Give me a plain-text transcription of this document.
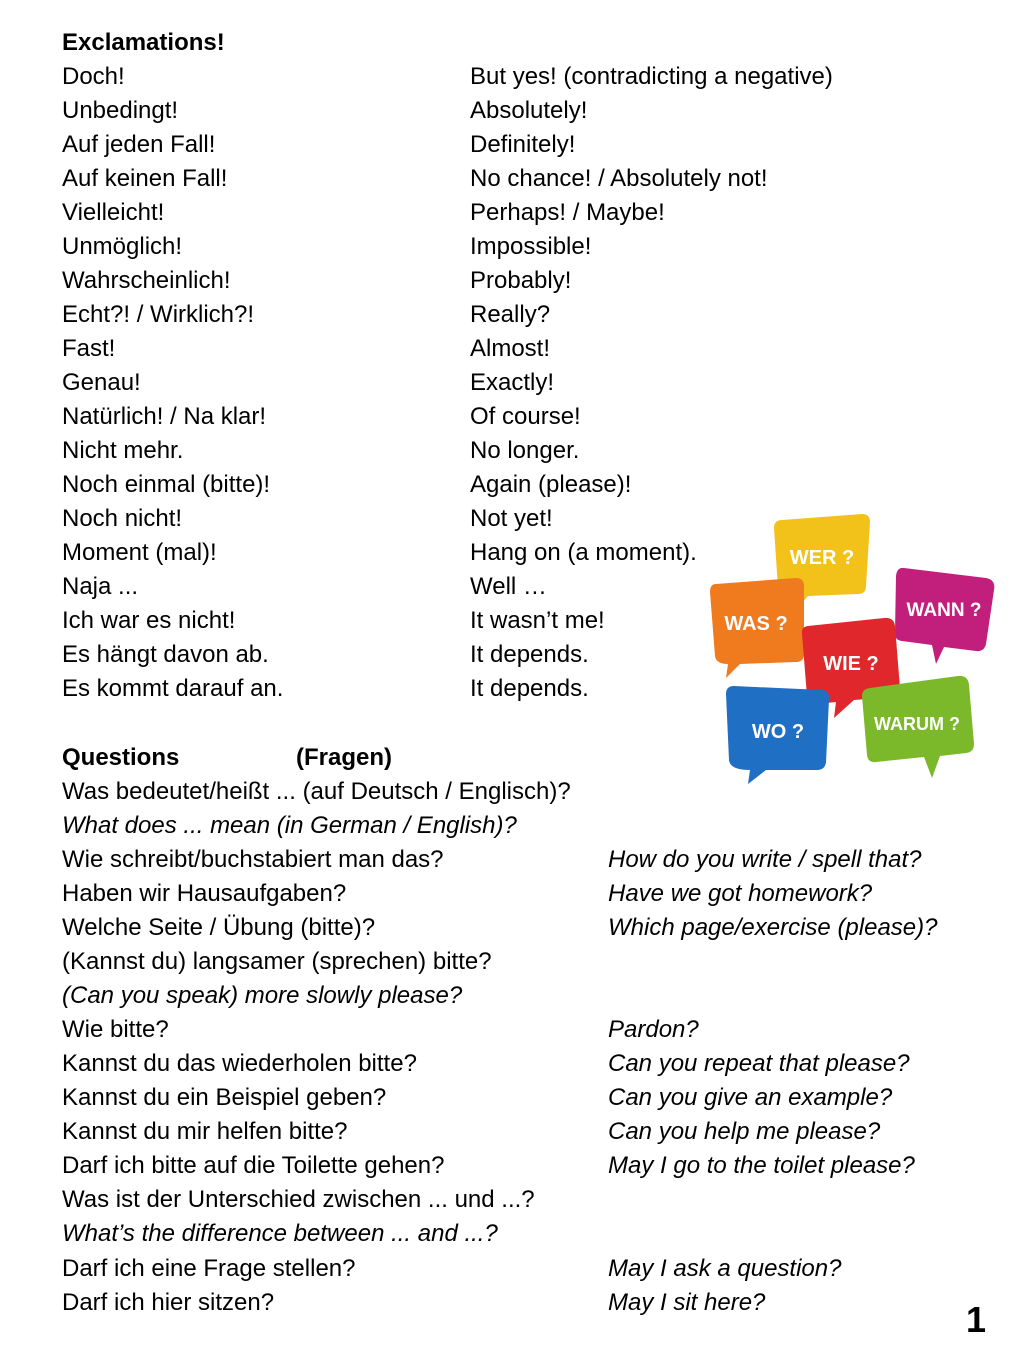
Exclamations!
Doch!	But yes! (contradicting a negative)
Unbedingt!	Absolutely!
Auf jeden Fall!	Definitely!
Auf keinen Fall!	No chance! / Absolutely not!
Vielleicht!	Perhaps! / Maybe!
Unmöglich!	Impossible!
Wahrscheinlich!	Probably!
Echt?! / Wirklich?!	Really?
Fast!	Almost!
Genau!	Exactly!
Natürlich! / Na klar!	Of course!
Nicht mehr.	No longer.
Noch einmal (bitte)!	Again (please)!
Noch nicht!	Not yet!
Moment (mal)!	Hang on (a moment).
Naja ...	Well …
Ich war es nicht!	It wasn’t me!
Es hängt davon ab.	It depends.
Es kommt darauf an.	It depends.
Questions	(Fragen)
Was bedeutet/heißt ... (auf Deutsch / Englisch)?
What does ... mean (in German / English)?
Wie schreibt/buchstabiert man das?	How do you write / spell that?
Haben wir Hausaufgaben?	Have we got homework?
Welche Seite / Übung (bitte)?	Which page/exercise (please)?
(Kannst du) langsamer (sprechen) bitte?
(Can you speak) more slowly please?
Wie bitte?	Pardon?
Kannst du das wiederholen bitte?	Can you repeat that please?
Kannst du ein Beispiel geben?	Can you give an example?
Kannst du mir helfen bitte?	Can you help me please?
Darf ich bitte auf die Toilette gehen?	May I go to the toilet please?
Was ist der Unterschied zwischen ... und ...?
What’s the difference between ... and ...?
Darf ich eine Frage stellen?	May I ask a question?
Darf ich hier sitzen?	May I sit here?
WER ?
WANN ?
WAS ?
WIE ?
WO ?	WARUM ?
1
